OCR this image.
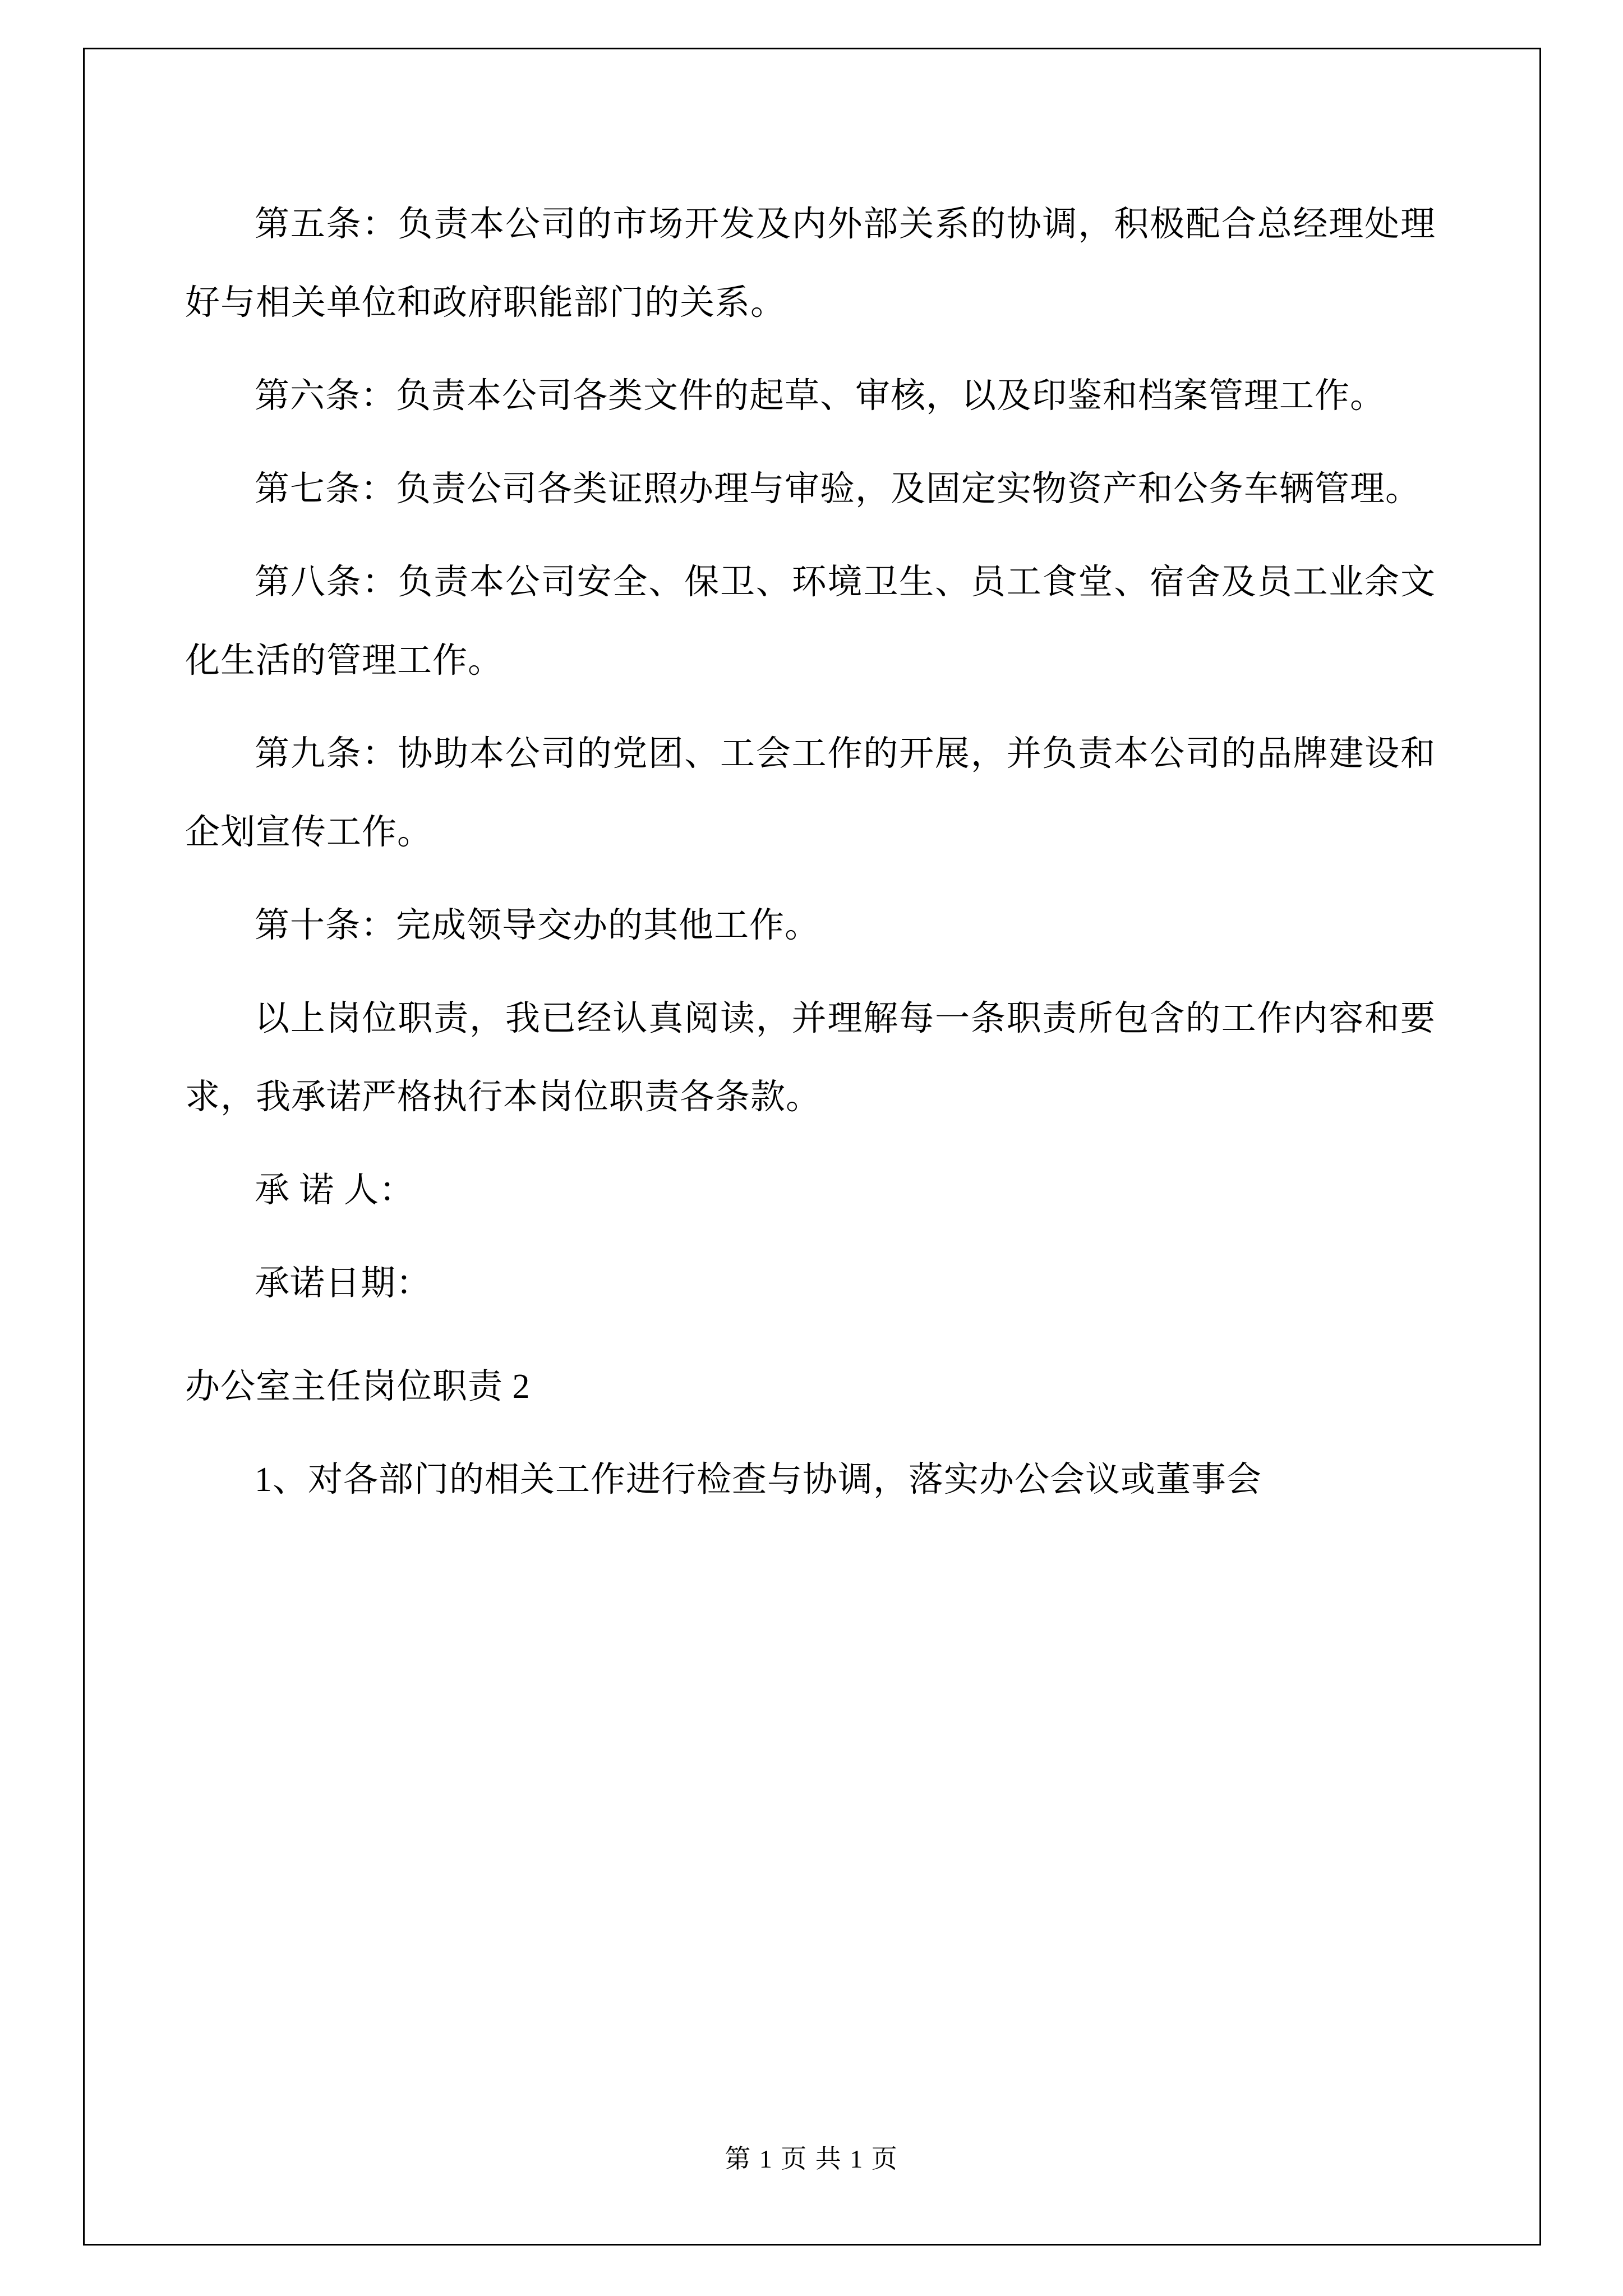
第五条：负责本公司的市场开发及内外部关系的协调，积极配合总经理处理好与相关单位和政府职能部门的关系。

第六条：负责本公司各类文件的起草、审核，以及印鉴和档案管理工作。

第七条：负责公司各类证照办理与审验，及固定实物资产和公务车辆管理。

第八条：负责本公司安全、保卫、环境卫生、员工食堂、宿舍及员工业余文化生活的管理工作。

第九条：协助本公司的党团、工会工作的开展，并负责本公司的品牌建设和企划宣传工作。

第十条：完成领导交办的其他工作。

以上岗位职责，我已经认真阅读，并理解每一条职责所包含的工作内容和要求，我承诺严格执行本岗位职责各条款。

承 诺 人：

承诺日期：

办公室主任岗位职责 2

1、对各部门的相关工作进行检查与协调，落实办公会议或董事会

第 1 页 共 1 页
